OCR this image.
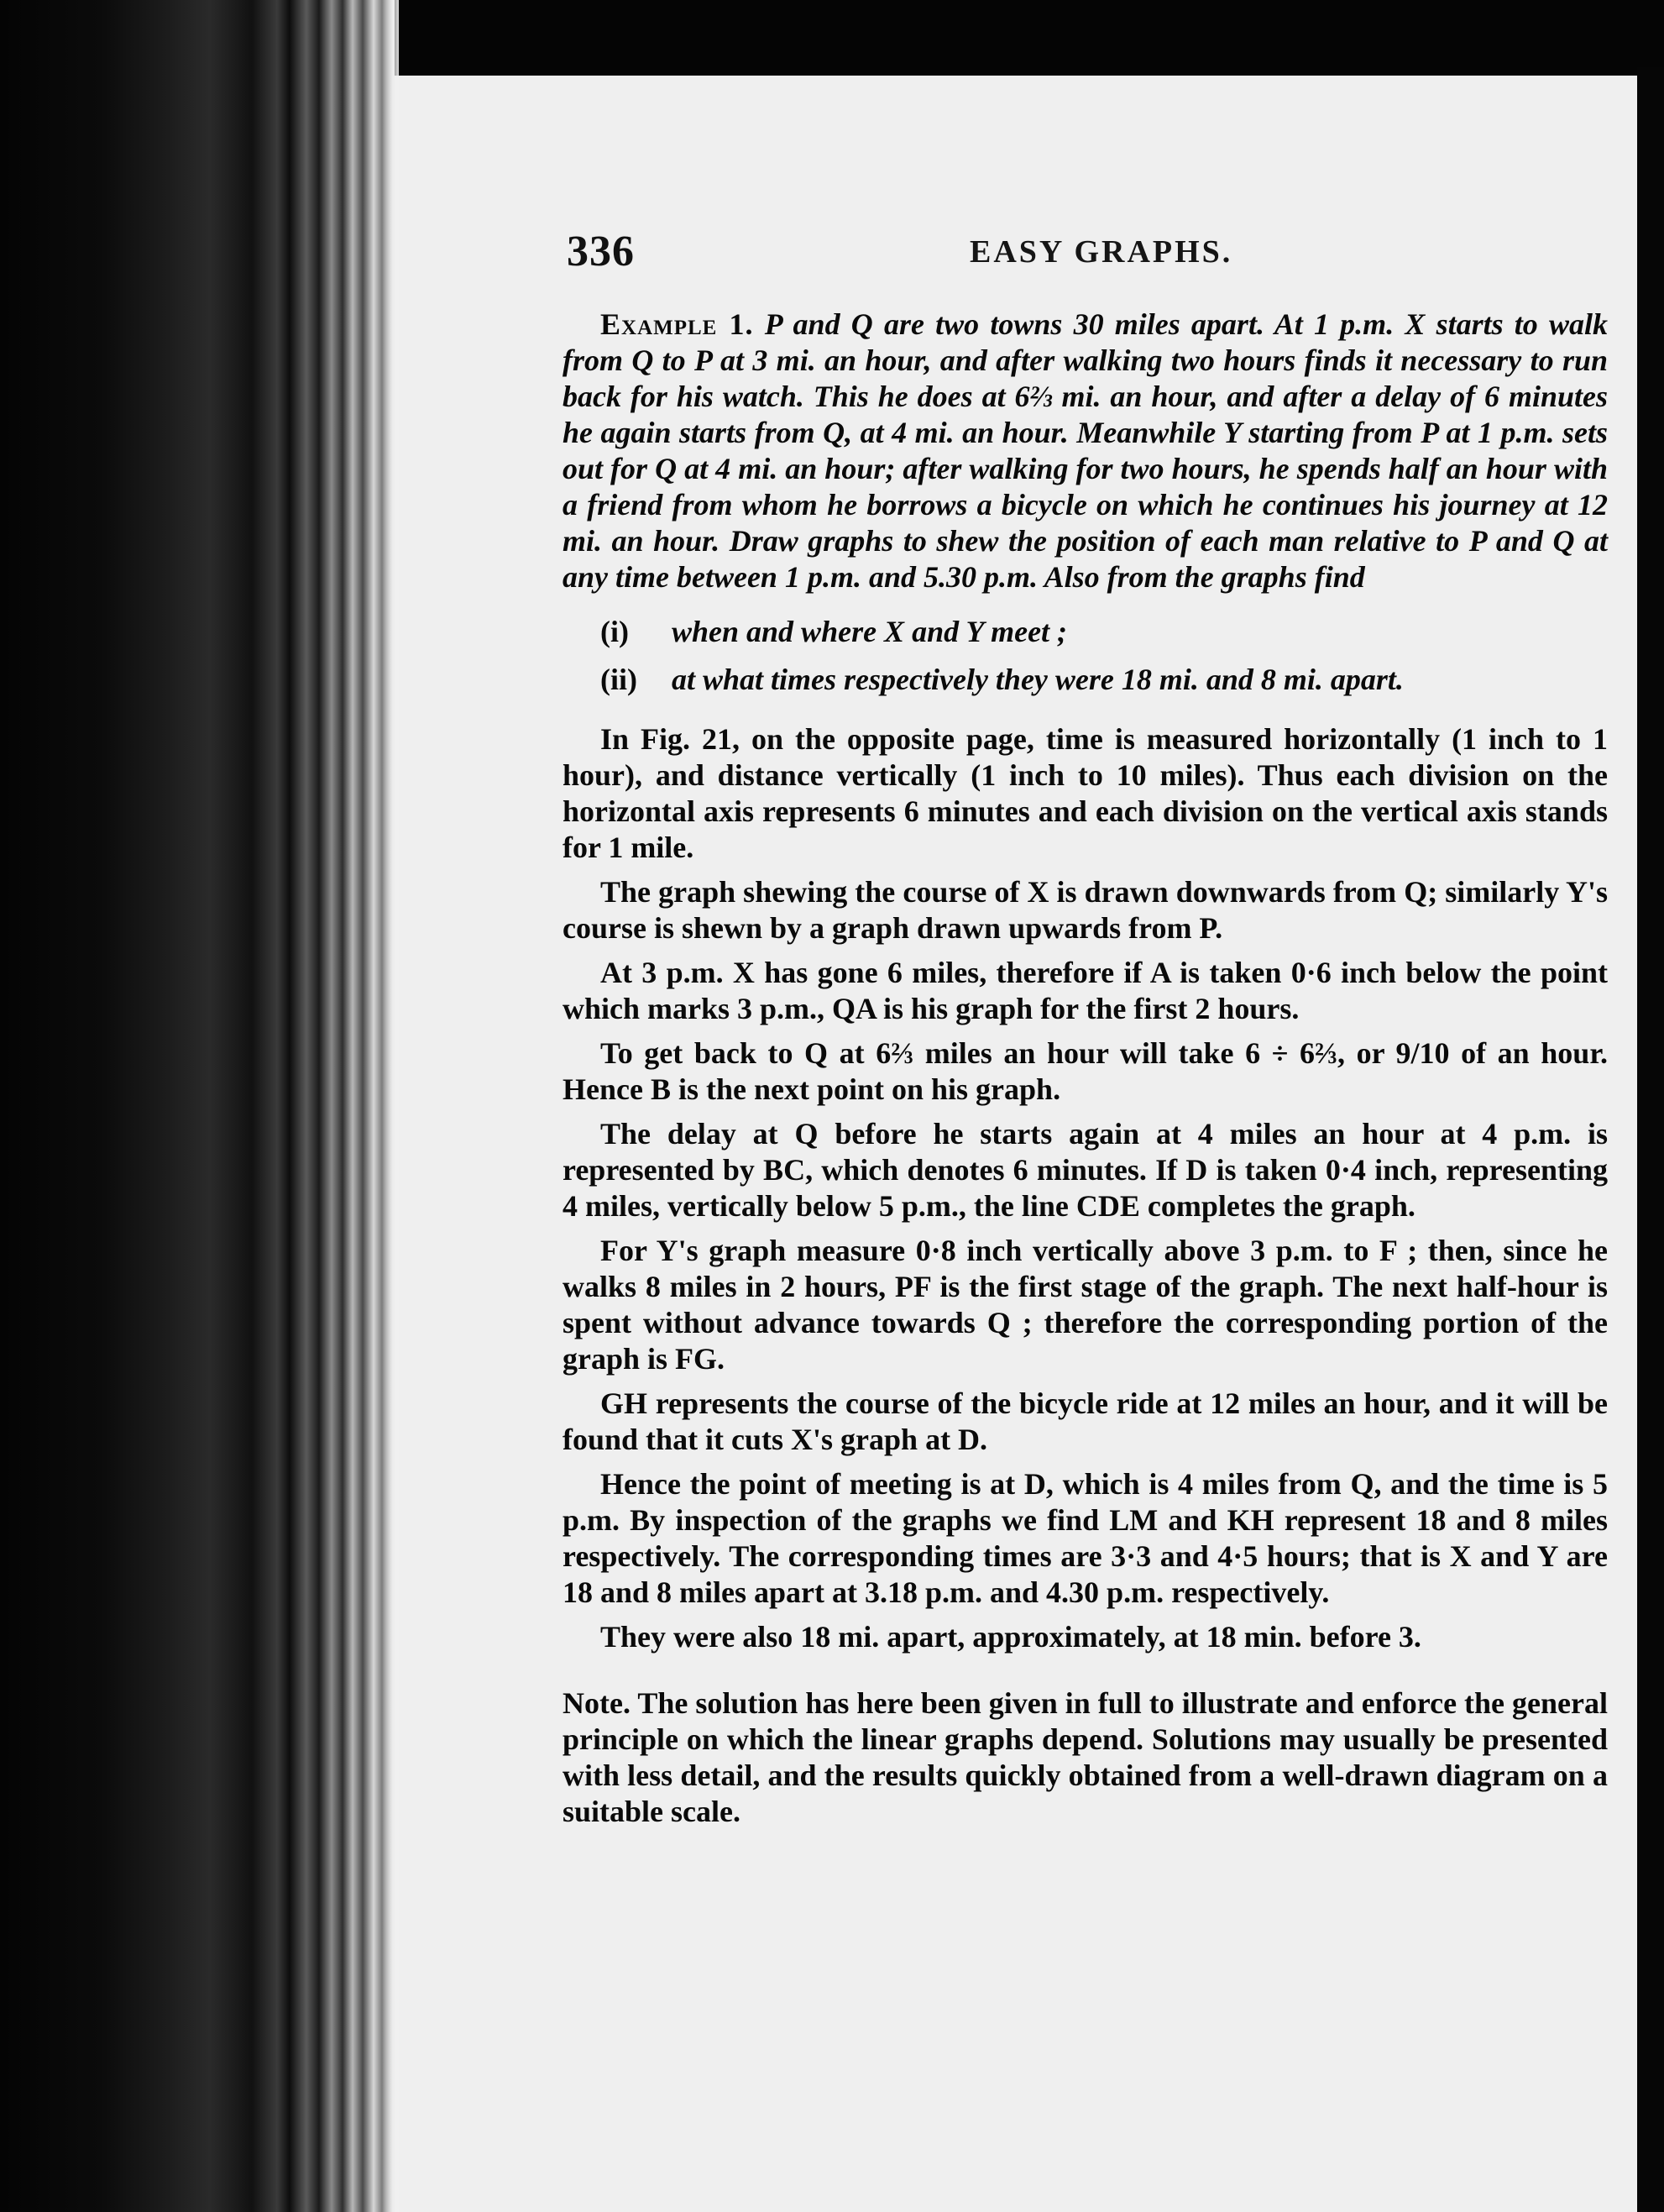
336	EASY GRAPHS.

Example 1. P and Q are two towns 30 miles apart. At 1 p.m. X starts to walk from Q to P at 3 mi. an hour, and after walking two hours finds it necessary to run back for his watch. This he does at 6⅔ mi. an hour, and after a delay of 6 minutes he again starts from Q, at 4 mi. an hour. Meanwhile Y starting from P at 1 p.m. sets out for Q at 4 mi. an hour; after walking for two hours, he spends half an hour with a friend from whom he borrows a bicycle on which he continues his journey at 12 mi. an hour. Draw graphs to shew the position of each man relative to P and Q at any time between 1 p.m. and 5.30 p.m. Also from the graphs find

(i) when and where X and Y meet ;
(ii) at what times respectively they were 18 mi. and 8 mi. apart.

In Fig. 21, on the opposite page, time is measured horizontally (1 inch to 1 hour), and distance vertically (1 inch to 10 miles). Thus each division on the horizontal axis represents 6 minutes and each division on the vertical axis stands for 1 mile.

The graph shewing the course of X is drawn downwards from Q; similarly Y's course is shewn by a graph drawn upwards from P.

At 3 p.m. X has gone 6 miles, therefore if A is taken 0·6 inch below the point which marks 3 p.m., QA is his graph for the first 2 hours.

To get back to Q at 6⅔ miles an hour will take 6 ÷ 6⅔, or 9/10 of an hour. Hence B is the next point on his graph.

The delay at Q before he starts again at 4 miles an hour at 4 p.m. is represented by BC, which denotes 6 minutes. If D is taken 0·4 inch, representing 4 miles, vertically below 5 p.m., the line CDE completes the graph.

For Y's graph measure 0·8 inch vertically above 3 p.m. to F ; then, since he walks 8 miles in 2 hours, PF is the first stage of the graph. The next half-hour is spent without advance towards Q ; therefore the corresponding portion of the graph is FG.

GH represents the course of the bicycle ride at 12 miles an hour, and it will be found that it cuts X's graph at D.

Hence the point of meeting is at D, which is 4 miles from Q, and the time is 5 p.m. By inspection of the graphs we find LM and KH represent 18 and 8 miles respectively. The corresponding times are 3·3 and 4·5 hours; that is X and Y are 18 and 8 miles apart at 3.18 p.m. and 4.30 p.m. respectively.

They were also 18 mi. apart, approximately, at 18 min. before 3.

Note. The solution has here been given in full to illustrate and enforce the general principle on which the linear graphs depend. Solutions may usually be presented with less detail, and the results quickly obtained from a well-drawn diagram on a suitable scale.
